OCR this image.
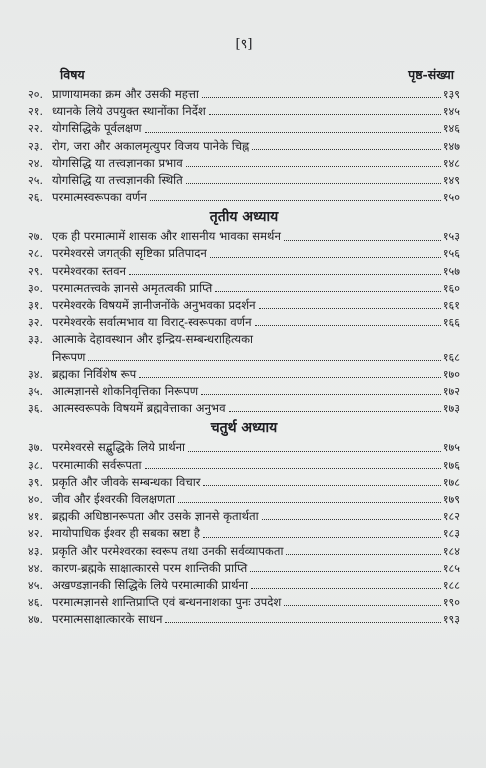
[९]
विषय	पृष्ठ-संख्या
२०. प्राणायामका क्रम और उसकी महत्ता	१३९
२१. ध्यानके लिये उपयुक्त स्थानोंका निर्देश	१४५
२२. योगसिद्धिके पूर्वलक्षण	१४६
२३. रोग, जरा और अकालमृत्युपर विजय पानेके चिह्न	१४७
२४. योगसिद्धि या तत्त्वज्ञानका प्रभाव	१४८
२५. योगसिद्धि या तत्त्वज्ञानकी स्थिति	१४९
२६. परमात्मस्वरूपका वर्णन	१५०
तृतीय अध्याय
२७. एक ही परमात्मामें शासक और शासनीय भावका समर्थन	१५३
२८. परमेश्वरसे जगत्‌की सृष्टिका प्रतिपादन	१५६
२९. परमेश्वरका स्तवन	१५७
३०. परमात्मतत्त्वके ज्ञानसे अमृतत्वकी प्राप्ति	१६०
३१. परमेश्वरके विषयमें ज्ञानीजनोंके अनुभवका प्रदर्शन	१६१
३२. परमेश्वरके सर्वात्मभाव या विराट्-स्वरूपका वर्णन	१६६
३३. आत्माके देहावस्थान और इन्द्रिय-सम्बन्धराहित्यका
निरूपण	१६८
३४. ब्रह्मका निर्विशेष रूप	१७०
३५. आत्मज्ञानसे शोकनिवृत्तिका निरूपण	१७२
३६. आत्मस्वरूपके विषयमें ब्रह्मवेत्ताका अनुभव	१७३
चतुर्थ अध्याय
३७. परमेश्वरसे सद्बुद्धिके लिये प्रार्थना	१७५
३८. परमात्माकी सर्वरूपता	१७६
३९. प्रकृति और जीवके सम्बन्धका विचार	१७८
४०. जीव और ईश्वरकी विलक्षणता	१७९
४१. ब्रह्मकी अधिष्ठानरूपता और उसके ज्ञानसे कृतार्थता	१८२
४२. मायोपाधिक ईश्वर ही सबका स्रष्टा है	१८३
४३. प्रकृति और परमेश्वरका स्वरूप तथा उनकी सर्वव्यापकता	१८४
४४. कारण-ब्रह्मके साक्षात्कारसे परम शान्तिकी प्राप्ति	१८५
४५. अखण्डज्ञानकी सिद्धिके लिये परमात्माकी प्रार्थना	१८८
४६. परमात्मज्ञानसे शान्तिप्राप्ति एवं बन्धननाशका पुनः उपदेश	१९०
४७. परमात्मसाक्षात्कारके साधन	१९३
